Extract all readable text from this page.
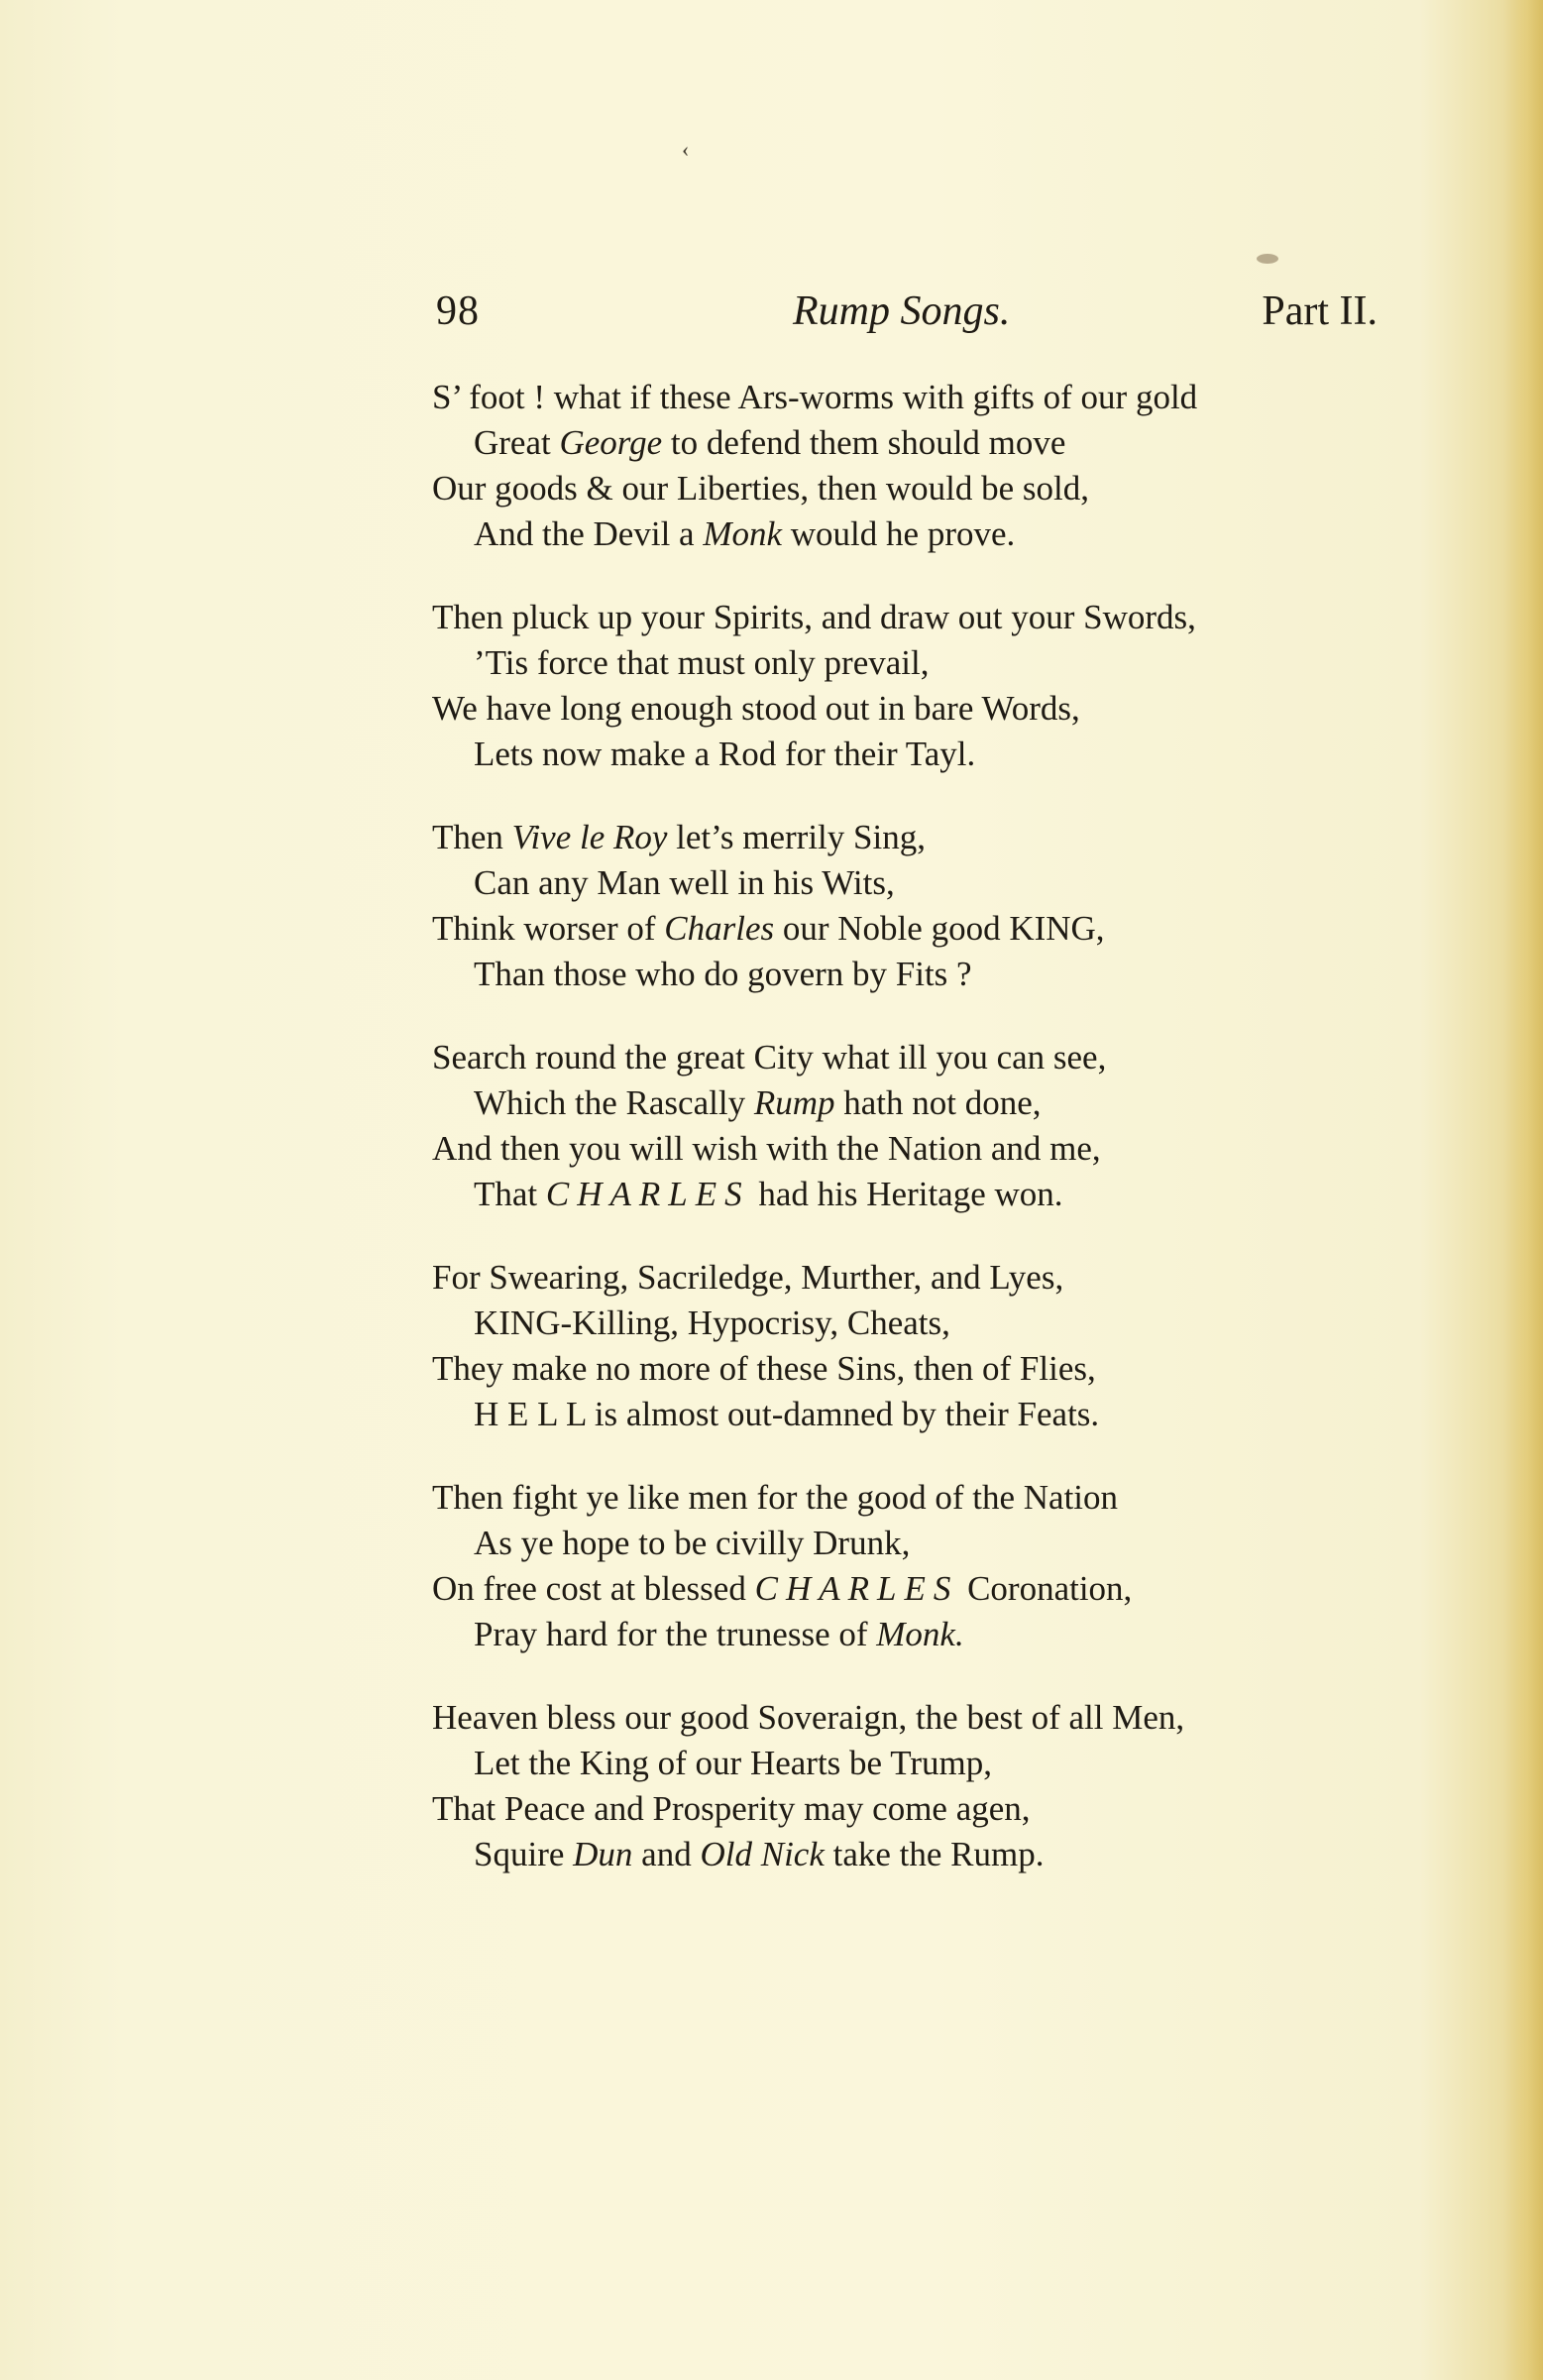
‹
98	Rump Songs.	Part II.
S’ foot ! what if these Ars-worms with gifts of our gold
Great George to defend them should move
Our goods & our Liberties, then would be sold,
And the Devil a Monk would he prove.
Then pluck up your Spirits, and draw out your Swords,
’Tis force that must only prevail,
We have long enough stood out in bare Words,
Lets now make a Rod for their Tayl.
Then Vive le Roy let’s merrily Sing,
Can any Man well in his Wits,
Think worser of Charles our Noble good KING,
Than those who do govern by Fits ?
Search round the great City what ill you can see,
Which the Rascally Rump hath not done,
And then you will wish with the Nation and me,
That CHARLES had his Heritage won.
For Swearing, Sacriledge, Murther, and Lyes,
KING-Killing, Hypocrisy, Cheats,
They make no more of these Sins, then of Flies,
H E L L is almost out-damned by their Feats.
Then fight ye like men for the good of the Nation
As ye hope to be civilly Drunk,
On free cost at blessed CHARLES Coronation,
Pray hard for the trunesse of Monk.
Heaven bless our good Soveraign, the best of all Men,
Let the King of our Hearts be Trump,
That Peace and Prosperity may come agen,
Squire Dun and Old Nick take the Rump.
